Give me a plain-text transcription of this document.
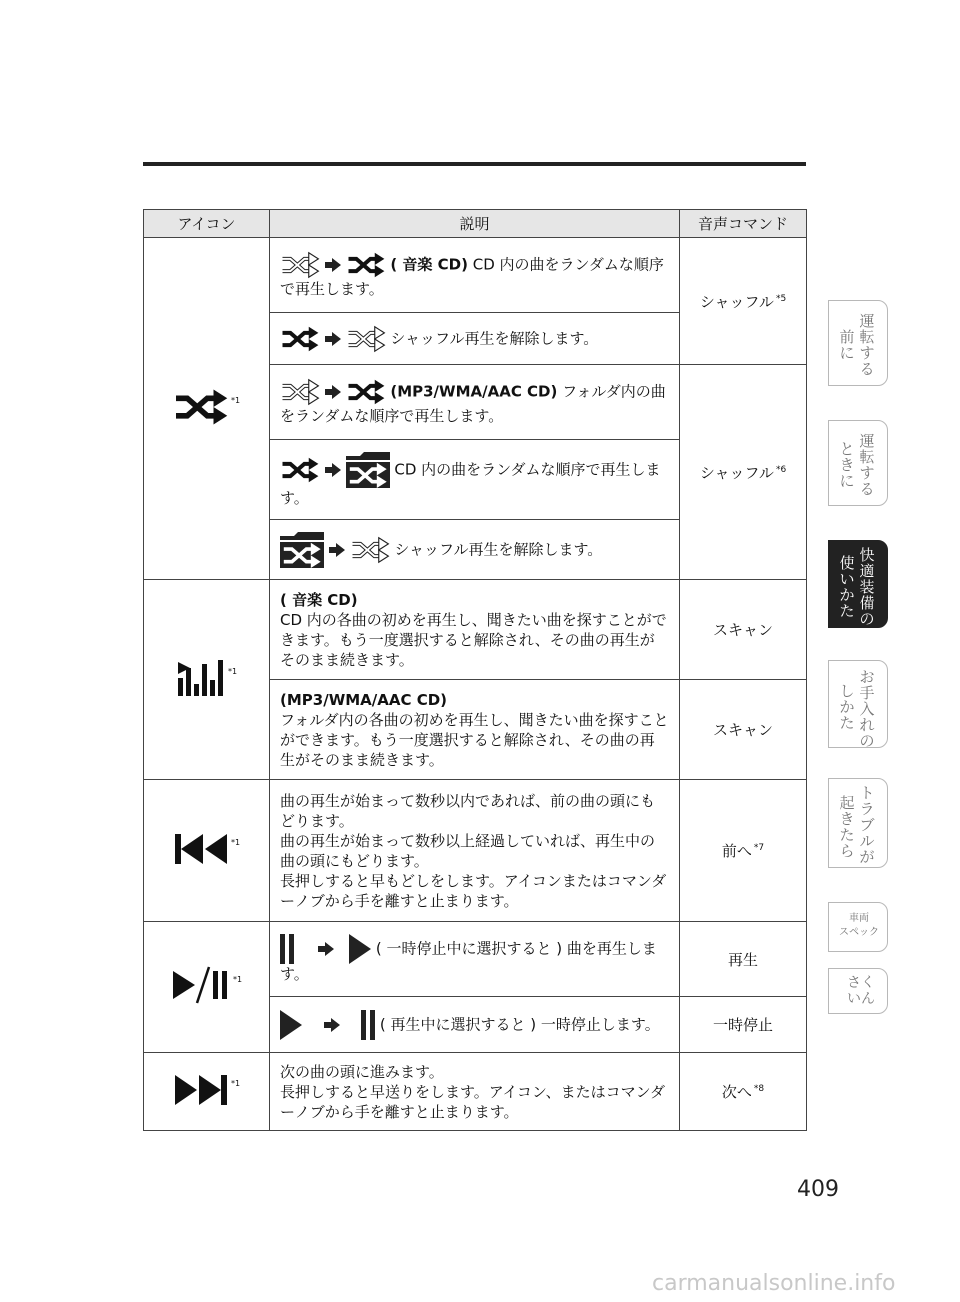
アイコン	説明	音声コマンド

*1	( 音楽 CD) CD 内の曲をランダムな順序で再生します。	シャッフル $^{*5}$
	シャッフル再生を解除します。	
	(MP3/WMA/AAC CD) フォルダ内の曲をランダムな順序で再生します。	シャッフル $^{*6}$
	CD 内の曲をランダムな順序で再生します。	
	シャッフル再生を解除します。	

*1	( 音楽 CD)
CD 内の各曲の初めを再生し、聞きたい曲を探すことができます。もう一度選択すると解除され、その曲の再生がそのまま続きます。	スキャン

	(MP3/WMA/AAC CD)
フォルダ内の各曲の初めを再生し、聞きたい曲を探すことができます。もう一度選択すると解除され、その曲の再生がそのまま続きます。	スキャン

*1	曲の再生が始まって数秒以内であれば、前の曲の頭にもどります。
曲の再生が始まって数秒以上経過していれば、再生中の曲の頭にもどります。
長押しすると早もどしをします。アイコンまたはコマンダーノブから手を離すと止まります。	前へ $^{*7}$

*1	( 一時停止中に選択すると ) 曲を再生します。	再生
	( 再生中に選択すると ) 一時停止します。	一時停止

*1	次の曲の頭に進みます。
長押しすると早送りをします。アイコン、またはコマンダーノブから手を離すと止まります。	次へ $^{*8}$
運
転
す
る
前
に
運
転
す
る
と
き
に
快
適
装
備
の
使
い
か
た
お
手
入
れ
の
し
か
た
ト
ラ
ブ
ル
が
起
き
た
ら
車両
スペック
さく
いん
409
carmanualsonline.info
